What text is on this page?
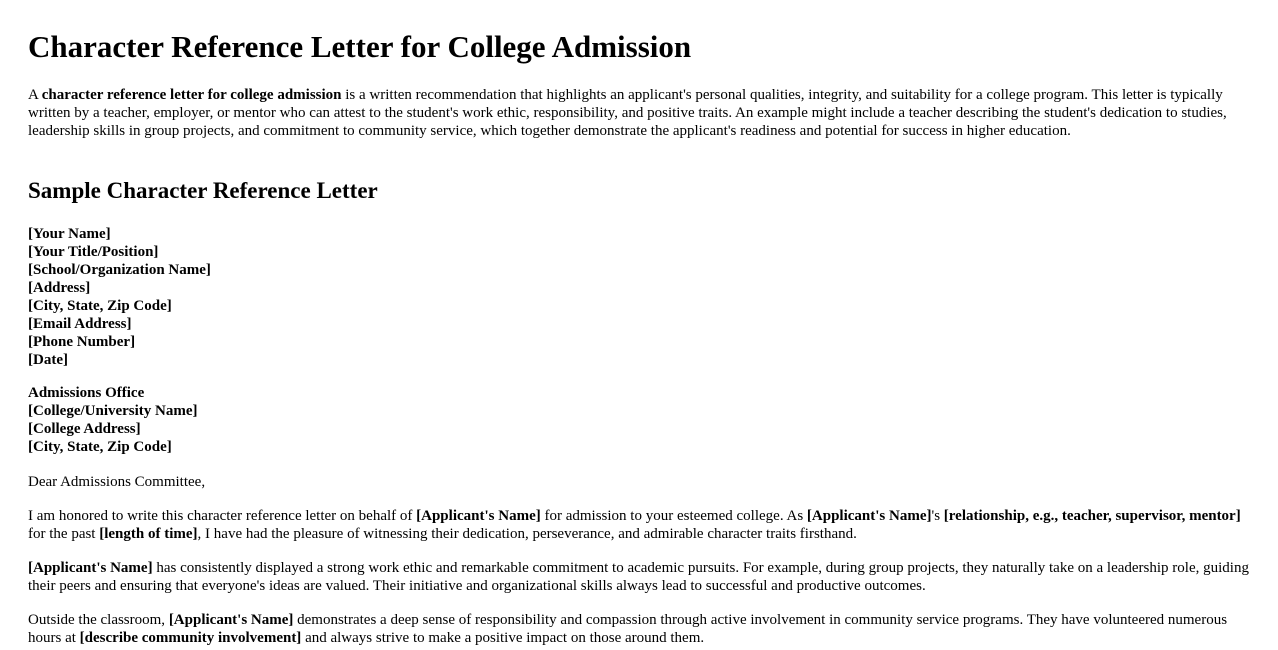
Character Reference Letter for College Admission

A character reference letter for college admission is a written recommendation that highlights an applicant's personal qualities, integrity, and suitability for a college program. This letter is typically written by a teacher, employer, or mentor who can attest to the student's work ethic, responsibility, and positive traits. An example might include a teacher describing the student's dedication to studies, leadership skills in group projects, and commitment to community service, which together demonstrate the applicant's readiness and potential for success in higher education.

Sample Character Reference Letter

[Your Name]
[Your Title/Position]
[School/Organization Name]
[Address]
[City, State, Zip Code]
[Email Address]
[Phone Number]
[Date]

Admissions Office
[College/University Name]
[College Address]
[City, State, Zip Code]

Dear Admissions Committee,

I am honored to write this character reference letter on behalf of [Applicant's Name] for admission to your esteemed college. As [Applicant's Name]'s [relationship, e.g., teacher, supervisor, mentor] for the past [length of time], I have had the pleasure of witnessing their dedication, perseverance, and admirable character traits firsthand.

[Applicant's Name] has consistently displayed a strong work ethic and remarkable commitment to academic pursuits. For example, during group projects, they naturally take on a leadership role, guiding their peers and ensuring that everyone's ideas are valued. Their initiative and organizational skills always lead to successful and productive outcomes.

Outside the classroom, [Applicant's Name] demonstrates a deep sense of responsibility and compassion through active involvement in community service programs. They have volunteered numerous hours at [describe community involvement] and always strive to make a positive impact on those around them.
